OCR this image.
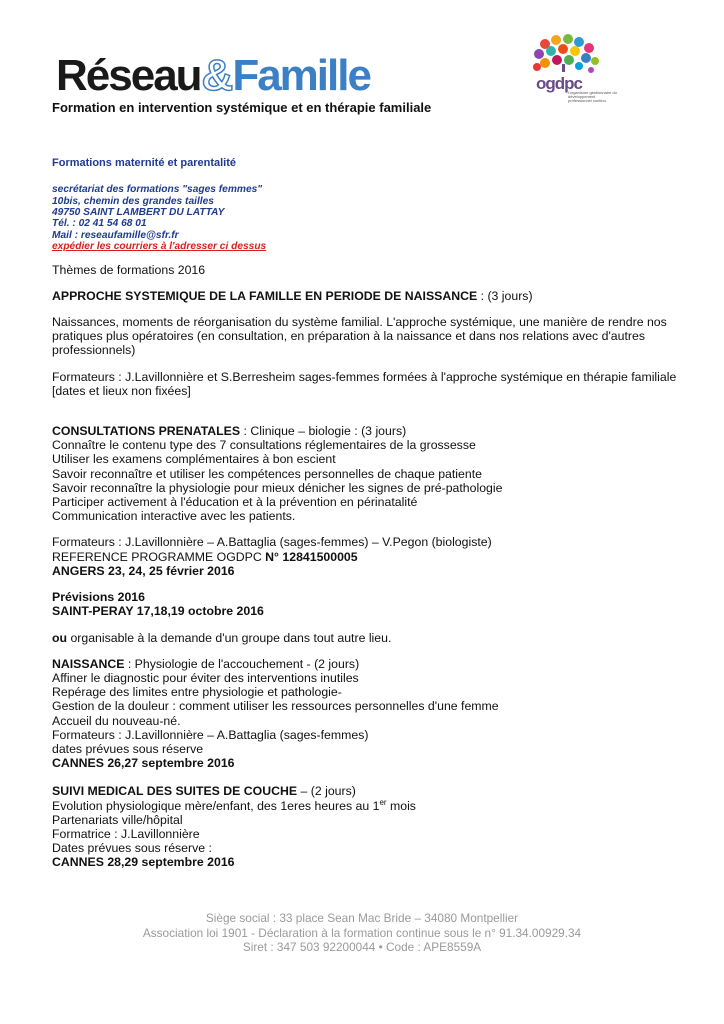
Réseau&Famille
Formation en intervention systémique et en thérapie familiale
ogdpc
l'organisme gestionnaire du développement professionnel continu

Formations maternité et parentalité

secrétariat des formations "sages femmes"

10bis, chemin des grandes tailles

49750 SAINT LAMBERT DU LATTAY

Tél. : 02 41 54 68 01

Mail : reseaufamille@sfr.fr

expédier les courriers à l'adresser ci dessus

Thèmes de formations 2016

APPROCHE SYSTEMIQUE DE LA FAMILLE EN PERIODE DE NAISSANCE : (3 jours)

Naissances, moments de réorganisation du système familial. L'approche systémique, une manière de rendre nos pratiques plus opératoires (en consultation, en préparation à la naissance et dans nos relations avec d'autres professionnels)

Formateurs : J.Lavillonnière et S.Berresheim sages-femmes formées à l'approche systémique en thérapie familiale

[dates et lieux non fixées]

CONSULTATIONS PRENATALES : Clinique – biologie : (3 jours)

Connaître le contenu type des 7 consultations réglementaires de la grossesse

Utiliser les examens complémentaires à bon escient

Savoir reconnaître et utiliser les compétences personnelles de chaque patiente

Savoir reconnaître la physiologie pour mieux dénicher les signes de pré-pathologie

Participer activement à l'éducation et à la prévention en périnatalité

Communication interactive avec les patients.

Formateurs : J.Lavillonnière – A.Battaglia (sages-femmes) – V.Pegon (biologiste)

REFERENCE PROGRAMME OGDPC N° 12841500005

ANGERS 23, 24, 25 février 2016

Prévisions 2016

SAINT-PERAY 17,18,19 octobre 2016

ou organisable à la demande d'un groupe dans tout autre lieu.

NAISSANCE : Physiologie de l'accouchement - (2 jours)

Affiner le diagnostic pour éviter des interventions inutiles

Repérage des limites entre physiologie et pathologie-

Gestion de la douleur : comment utiliser les ressources personnelles d'une femme

Accueil du nouveau-né.

Formateurs : J.Lavillonnière – A.Battaglia (sages-femmes)

dates prévues sous réserve

CANNES 26,27 septembre 2016

SUIVI MEDICAL DES SUITES DE COUCHE – (2 jours)

Evolution physiologique mère/enfant, des 1eres heures au 1er mois

Partenariats ville/hôpital

Formatrice : J.Lavillonnière

Dates prévues sous réserve :

CANNES 28,29 septembre 2016

Siège social : 33 place Sean Mac Bride – 34080 Montpellier
Association loi 1901 - Déclaration à la formation continue sous le n° 91.34.00929.34
Siret : 347 503 92200044 • Code : APE8559A
